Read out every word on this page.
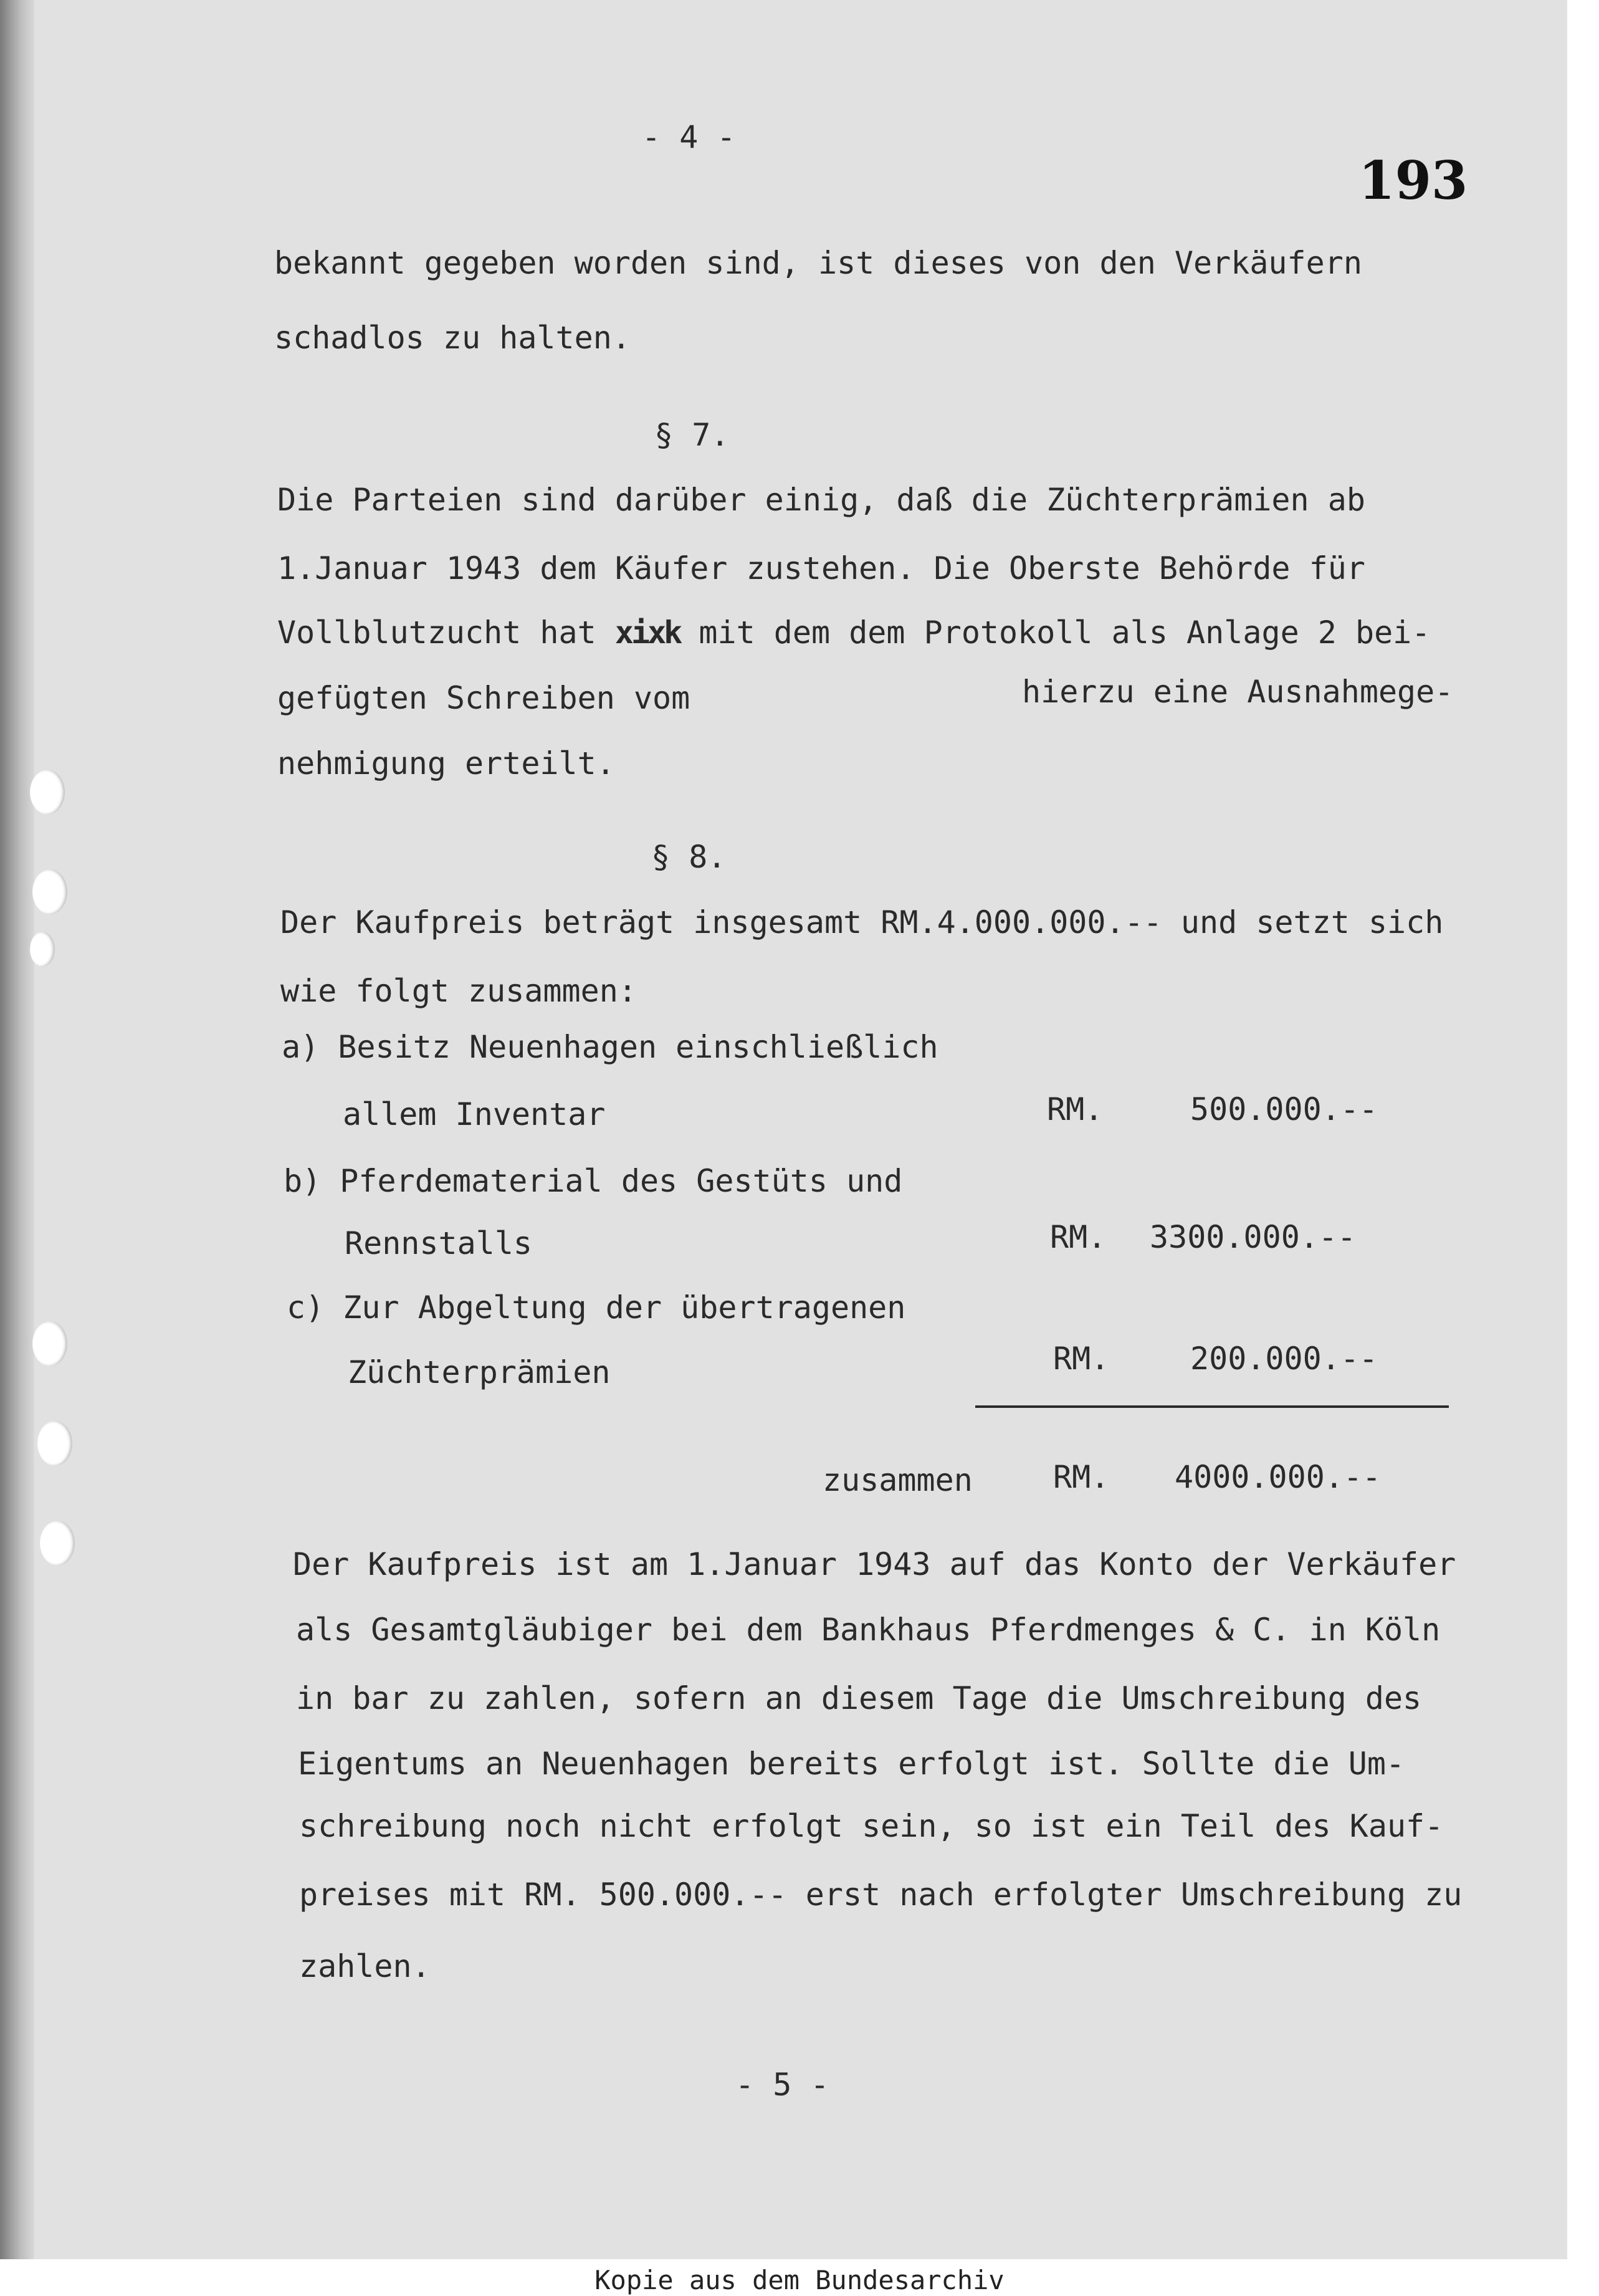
- 4 -
193
bekannt gegeben worden sind, ist dieses von den Verkäufern
schadlos zu halten.
§ 7.
Die Parteien sind darüber einig, daß die Züchterprämien ab
1.Januar 1943 dem Käufer zustehen. Die Oberste Behörde für
Vollblutzucht hat xixk mit dem dem Protokoll als Anlage 2 bei-
gefügten Schreiben vom	hierzu eine Ausnahmege-
nehmigung erteilt.
§ 8.
Der Kaufpreis beträgt insgesamt RM.4.000.000.-- und setzt sich
wie folgt zusammen:
a) Besitz Neuenhagen einschließlich
allem Inventar	RM.	500.000.--
b) Pferdematerial des Gestüts und
Rennstalls	RM. 3300.000.--
c) Zur Abgeltung der übertragenen
Züchterprämien	RM.	200.000.--
zusammen	RM. 4000.000.--
Der Kaufpreis ist am 1.Januar 1943 auf das Konto der Verkäufer
als Gesamtgläubiger bei dem Bankhaus Pferdmenges & C. in Köln
in bar zu zahlen, sofern an diesem Tage die Umschreibung des
Eigentums an Neuenhagen bereits erfolgt ist. Sollte die Um-
schreibung noch nicht erfolgt sein, so ist ein Teil des Kauf-
preises mit RM. 500.000.-- erst nach erfolgter Umschreibung zu
zahlen.
- 5 -
Kopie aus dem Bundesarchiv
